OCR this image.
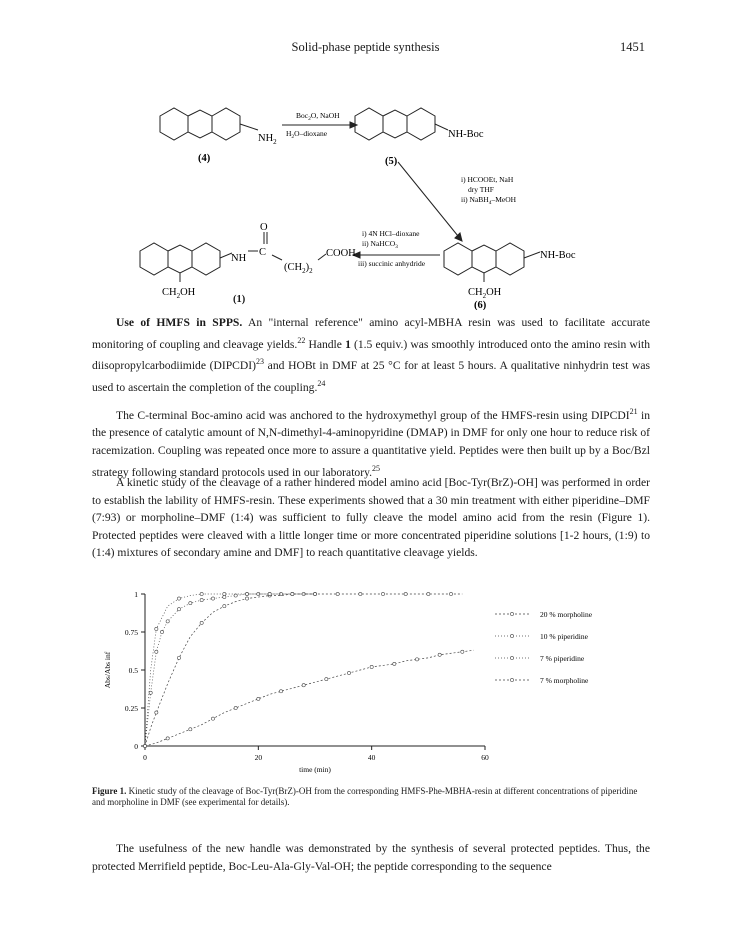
Solid-phase peptide synthesis	1451
$NH_2$
NH-Boc
Boc$_2$O, NaOH
$H_2O$–dioxane
(4)	(5)
i) HCOOEt, NaH
dry THF
ii) NaBH$_4$–MeOH
i) 4N HCl–dioxane
ii) NaHCO$_3$
iii) succinic anhydride
NH-Boc
$CH_2OH$
(6)
$CH_2OH$
NH
C
O
$(CH_2)_2$
COOH
(1)

Use of HMFS in SPPS. An "internal reference" amino acyl-MBHA resin was used to facilitate accurate monitoring of coupling and cleavage yields.$^{22}$ Handle 1 (1.5 equiv.) was smoothly introduced onto the amino resin with diisopropylcarbodiimide (DIPCDI)$^{23}$ and HOBt in DMF at 25 °C for at least 5 hours. A qualitative ninhydrin test was used to ascertain the completion of the coupling.$^{24}$

The C-terminal Boc-amino acid was anchored to the hydroxymethyl group of the HMFS-resin using DIPCDI$^{21}$ in the presence of catalytic amount of N,N-dimethyl-4-aminopyridine (DMAP) in DMF for only one hour to reduce risk of racemization. Coupling was repeated once more to assure a quantitative yield. Peptides were then built up by a Boc/Bzl strategy following standard protocols used in our laboratory.$^{25}$

A kinetic study of the cleavage of a rather hindered model amino acid [Boc-Tyr(BrZ)-OH] was performed in order to establish the lability of HMFS-resin. These experiments showed that a 30 min treatment with either piperidine–DMF (7:93) or morpholine–DMF (1:4) was sufficient to fully cleave the model amino acid from the resin (Figure 1). Protected peptides were cleaved with a little longer time or more concentrated piperidine solutions [1-2 hours, (1:9) to (1:4) mixtures of secondary amine and DMF] to reach quantitative cleavage yields.

0
0.25
0.5
0.75
1
0	20	40	60
20 % morpholine
10 % piperidine
7 % piperidine
7 % morpholine
time (min)
Abs/Abs inf
Figure 1. Kinetic study of the cleavage of Boc-Tyr(BrZ)-OH from the corresponding HMFS-Phe-MBHA-resin at different concentrations of piperidine and morpholine in DMF (see experimental for details).

The usefulness of the new handle was demonstrated by the synthesis of several protected peptides. Thus, the protected Merrifield peptide, Boc-Leu-Ala-Gly-Val-OH; the peptide corresponding to the sequence
